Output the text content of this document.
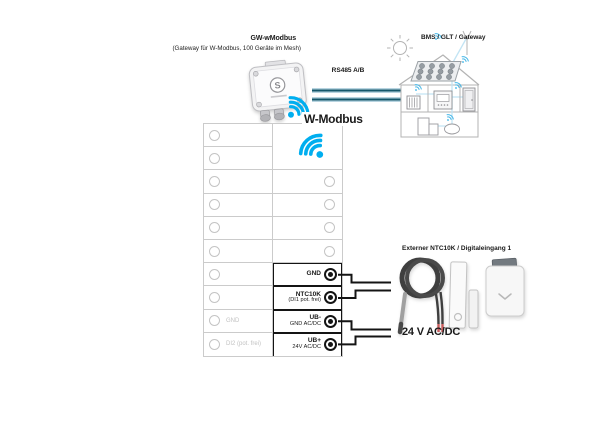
GW-wModbus
(Gateway für W-Modbus, 100 Geräte im Mesh)
S
RS485 A/B
W-Modbus
BMS / GLT / Gateway
GND
NTC10K
(DI1 pot. frei)
GND	UB-
GND AC/DC
DI2 (pot. frei)	UB+
24V AC/DC
Externer NTC10K / Digitaleingang 1
24 V AC/DC
